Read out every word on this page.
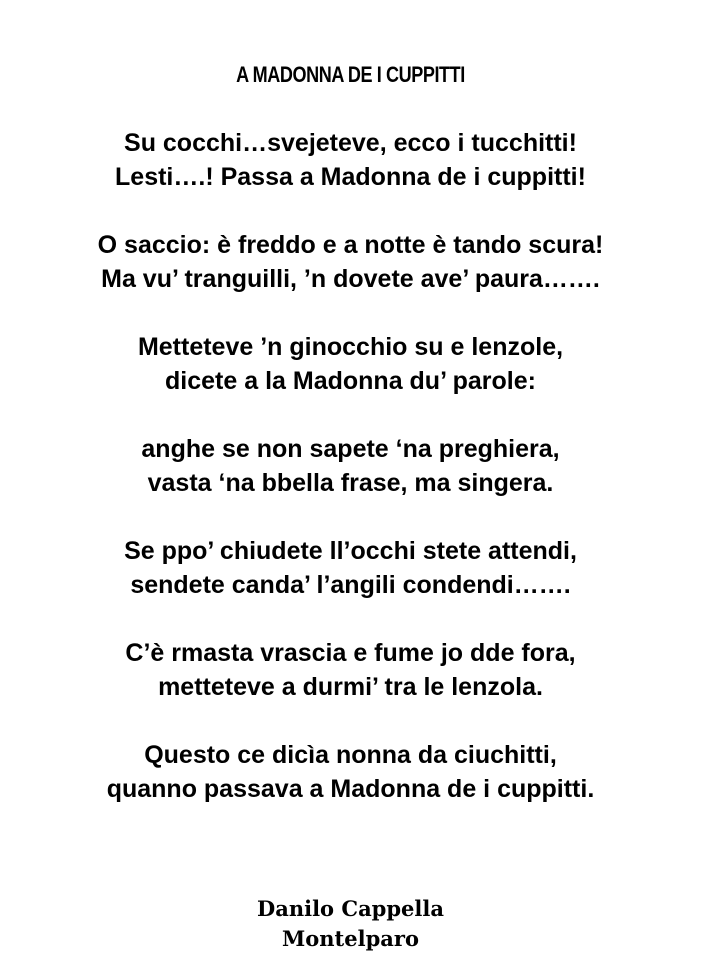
A MADONNA DE I CUPPITTI

Su cocchi…svejeteve, ecco i tucchitti!
Lesti….! Passa a Madonna de i cuppitti!

O saccio: è freddo e a notte è tando scura!
Ma vu’ tranguilli, ’n dovete ave’ paura…….

Metteteve ’n ginocchio su e lenzole,
dicete a la Madonna du’ parole:

anghe se non sapete ‘na preghiera,
vasta ‘na bbella frase, ma singera.

Se ppo’ chiudete ll’occhi stete attendi,
sendete canda’ l’angili condendi…….

C’è rmasta vrascia e fume jo dde fora,
metteteve a durmi’ tra le lenzola.

Questo ce dicìa nonna da ciuchitti,
quanno passava a Madonna de i cuppitti.

Danilo Cappella
Montelparo
